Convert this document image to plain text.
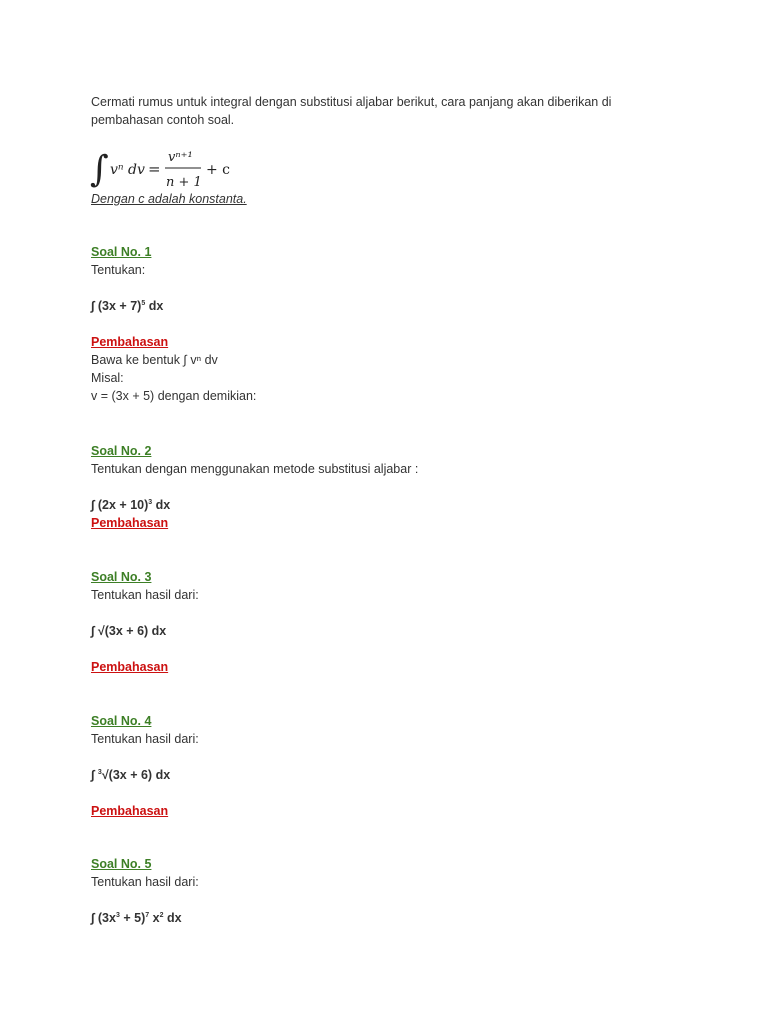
Cermati rumus untuk integral dengan substitusi aljabar berikut, cara panjang akan diberikan di pembahasan contoh soal.
∫ vⁿ dv =
vⁿ⁺¹
n + 1
+ c
Dengan c adalah konstanta.
Soal No. 1
Tentukan:
∫ $(3x + 7)^5$ dx
Pembahasan
Bawa ke bentuk ∫ vⁿ dv
Misal:
v = (3x + 5) dengan demikian:
Soal No. 2
Tentukan dengan menggunakan metode substitusi aljabar :
∫ $(2x + 10)^3$ dx
Pembahasan
Soal No. 3
Tentukan hasil dari:
∫ √(3x + 6) dx
Pembahasan
Soal No. 4
Tentukan hasil dari:
∫ $^3$√(3x + 6) dx
Pembahasan
Soal No. 5
Tentukan hasil dari:
∫ $(3x^3 + 5)^7$ $x^2$ dx
